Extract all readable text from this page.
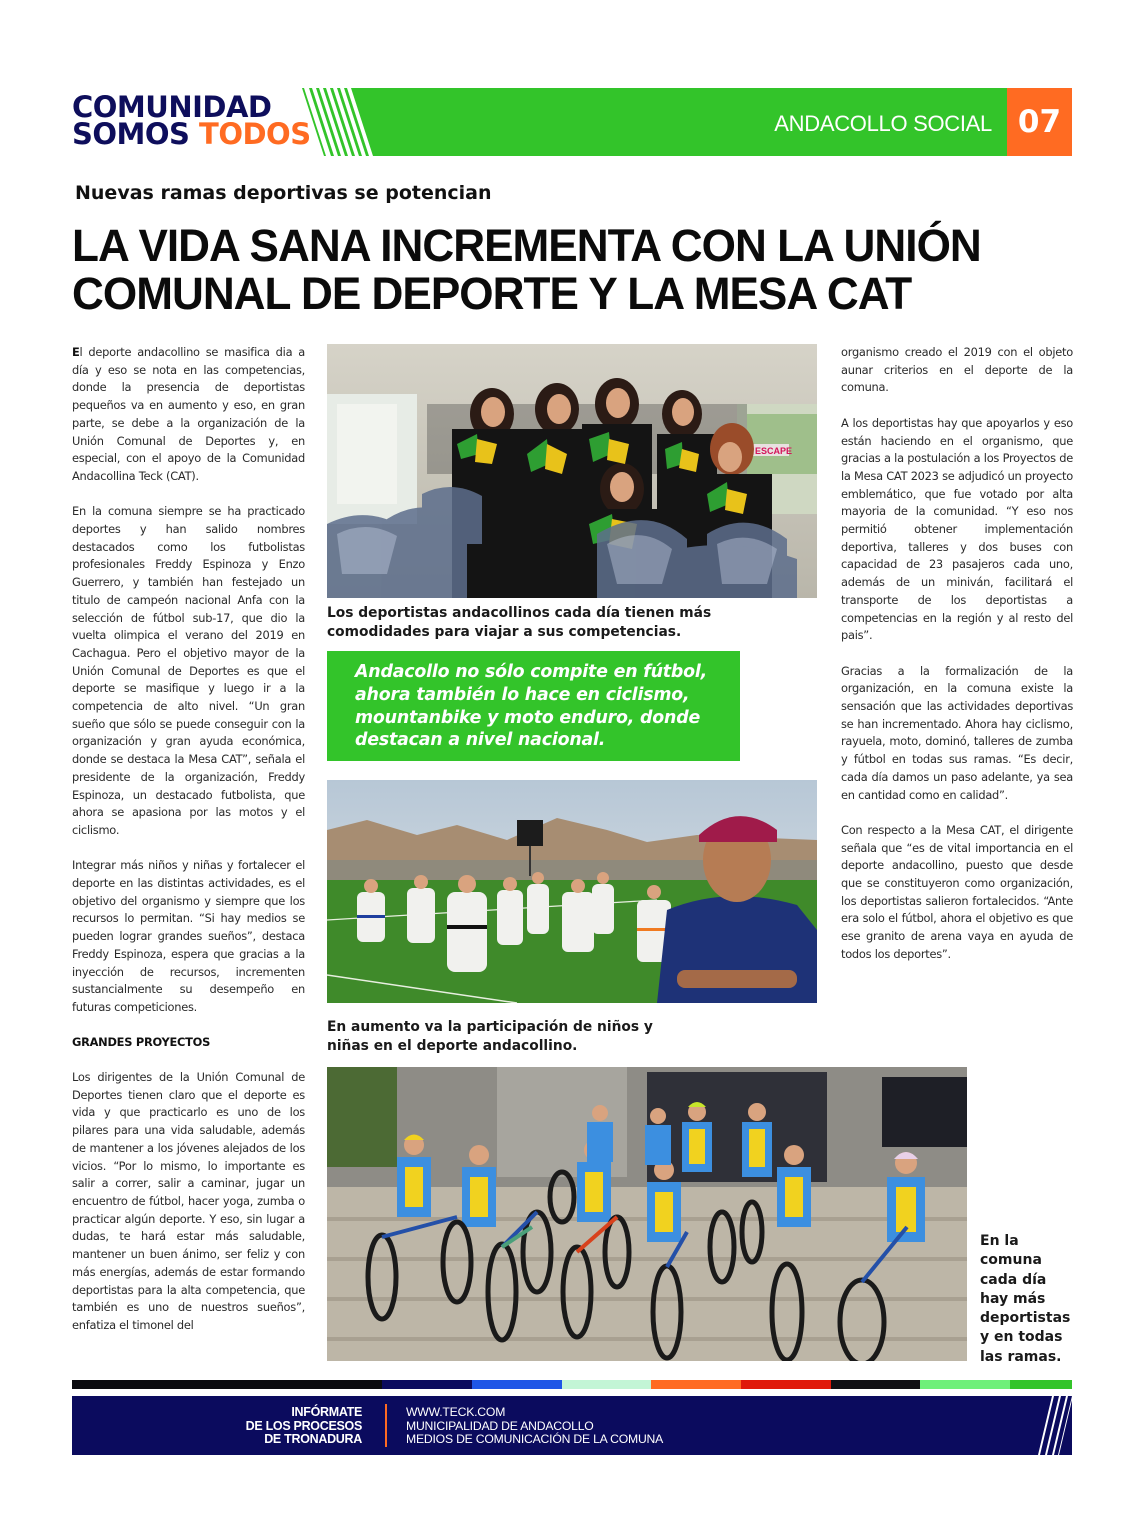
COMUNIDAD
SOMOS TODOS	ANDACOLLO SOCIAL 07
Nuevas ramas deportivas se potencian
LA VIDA SANA INCREMENTA CON LA UNIÓN
COMUNAL DE DEPORTE Y LA MESA CAT

El deporte andacollino se masifica dia a día y eso se nota en las competencias, donde la presencia de deportistas pequeños va en aumento y eso, en gran parte, se debe a la organización de la Unión Comunal de Deportes y, en especial, con el apoyo de la Comunidad Andacollina Teck (CAT).

En la comuna siempre se ha practicado deportes y han salido nombres destacados como los futbolistas profesionales Freddy Espinoza y Enzo Guerrero, y también han festejado un titulo de campeón nacional Anfa con la selección de fútbol sub-17, que dio la vuelta olimpica el verano del 2019 en Cachagua. Pero el objetivo mayor de la Unión Comunal de Deportes es que el deporte se masifique y luego ir a la competencia de alto nivel. “Un gran sueño que sólo se puede conseguir con la organización y gran ayuda económica, donde se destaca la Mesa CAT”, señala el presidente de la organización, Freddy Espinoza, un destacado futbolista, que ahora se apasiona por las motos y el ciclismo.

Integrar más niños y niñas y fortalecer el deporte en las distintas actividades, es el objetivo del organismo y siempre que los recursos lo permitan. “Si hay medios se pueden lograr grandes sueños”, destaca Freddy Espinoza, espera que gracias a la inyección de recursos, incrementen sustancialmente su desempeño en futuras competiciones.

GRANDES PROYECTOS

Los dirigentes de la Unión Comunal de Deportes tienen claro que el deporte es vida y que practicarlo es uno de los pilares para una vida saludable, además de mantener a los jóvenes alejados de los vicios. “Por lo mismo, lo importante es salir a correr, salir a caminar, jugar un encuentro de fútbol, hacer yoga, zumba o practicar algún deporte. Y eso, sin lugar a dudas, te hará estar más saludable, mantener un buen ánimo, ser feliz y con más energías, además de estar formando deportistas para la alta competencia, que también es uno de nuestros sueños”, enfatiza el timonel del

ESCAPE
Los deportistas andacollinos cada día tienen más comodidades para viajar a sus competencias.
Andacollo no sólo compite en fútbol, ahora también lo hace en ciclismo, mountanbike y moto enduro, donde destacan a nivel nacional.
En aumento va la participación de niños y niñas en el deporte andacollino.
En la comuna cada día hay más deportistas y en todas las ramas.

organismo creado el 2019 con el objeto aunar criterios en el deporte de la comuna.

A los deportistas hay que apoyarlos y eso están haciendo en el organismo, que gracias a la postulación a los Proyectos de la Mesa CAT 2023 se adjudicó un proyecto emblemático, que fue votado por alta mayoria de la comunidad. “Y eso nos permitió obtener implementación deportiva, talleres y dos buses con capacidad de 23 pasajeros cada uno, además de un miniván, facilitará el transporte de los deportistas a competencias en la región y al resto del pais”.

Gracias a la formalización de la organización, en la comuna existe la sensación que las actividades deportivas se han incrementado. Ahora hay ciclismo, rayuela, moto, dominó, talleres de zumba y fútbol en todas sus ramas. “Es decir, cada día damos un paso adelante, ya sea en cantidad como en calidad”.

Con respecto a la Mesa CAT, el dirigente señala que “es de vital importancia en el deporte andacollino, puesto que desde que se constituyeron como organización, los deportistas salieron fortalecidos. “Ante era solo el fútbol, ahora el objetivo es que ese granito de arena vaya en ayuda de todos los deportes”.

INFÓRMATE
DE LOS PROCESOS
DE TRONADURA
WWW.TECK.COM
MUNICIPALIDAD DE ANDACOLLO
MEDIOS DE COMUNICACIÓN DE LA COMUNA
